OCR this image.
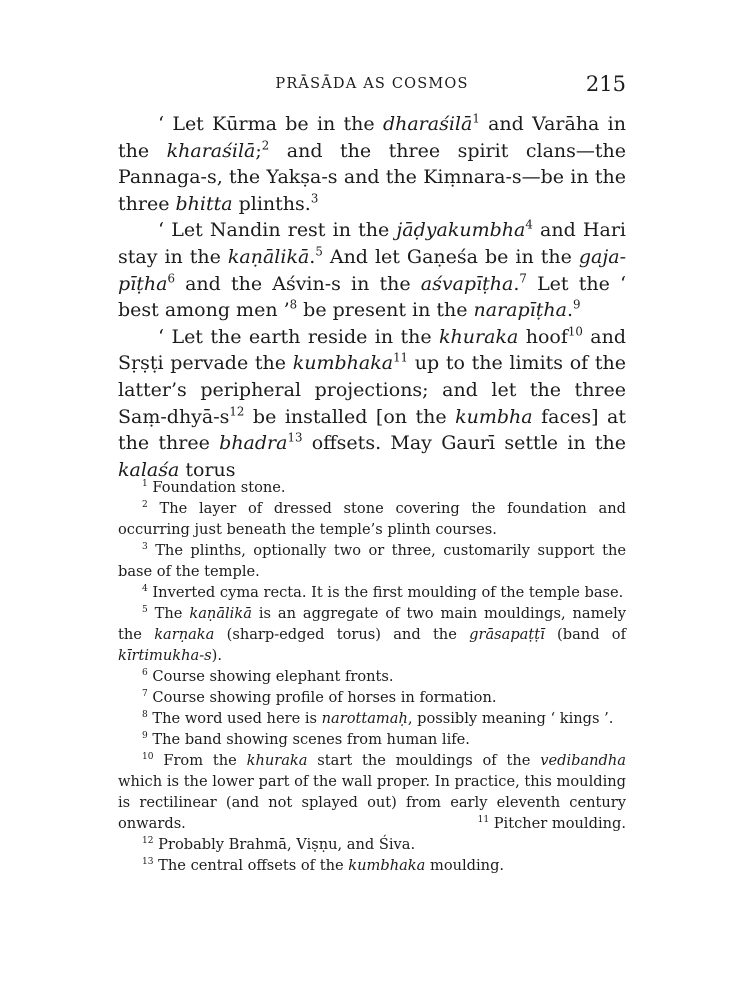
PRĀSĀDA AS COSMOS	215

‘ Let Kūrma be in the dharaśilā$^1$ and Varāha in the kharaśilā;$^2$ and the three spirit clans—the Pannaga-s, the Yakṣa-s and the Kiṃnara-s—be in the three bhitta plinths.$^3$

‘ Let Nandin rest in the jāḍyakumbha$^4$ and Hari stay in the kaṇālikā.$^5$ And let Gaṇeśa be in the gaja-pīṭha$^6$ and the Aśvin-s in the aśvapīṭha.$^7$ Let the ‘ best among men ’$^8$ be present in the narapīṭha.$^9$

‘ Let the earth reside in the khuraka hoof$^{10}$ and Sṛṣṭi pervade the kumbhaka$^{11}$ up to the limits of the latter’s peripheral projections; and let the three Saṃ-$dhyā-s^{12}$ be installed [on the kumbha faces] at the three bhadra$^{13}$ offsets. May Gaurī settle in the kalaśa torus

$^1$ Foundation stone.

$^2$ The layer of dressed stone covering the foundation and occurring just beneath the temple’s plinth courses.

$^3$ The plinths, optionally two or three, customarily support the base of the temple.

$^4$ Inverted cyma recta. It is the first moulding of the temple base.

$^5$ The kaṇālikā is an aggregate of two main mouldings, namely the karṇaka (sharp-edged torus) and the grāsapaṭṭī (band of kīrtimukha-s).

$^6$ Course showing elephant fronts.

$^7$ Course showing profile of horses in formation.

$^8$ The word used here is narottamaḥ, possibly meaning ‘ kings ’.

$^9$ The band showing scenes from human life.

$^{10}$ From the khuraka start the mouldings of the vedibandha which is the lower part of the wall proper. In practice, this moulding is rectilinear (and not splayed out) from early eleventh century onwards.	$^{11}$ Pitcher moulding.

$^{12}$ Probably Brahmā, Viṣṇu, and Śiva.

$^{13}$ The central offsets of the kumbhaka moulding.
